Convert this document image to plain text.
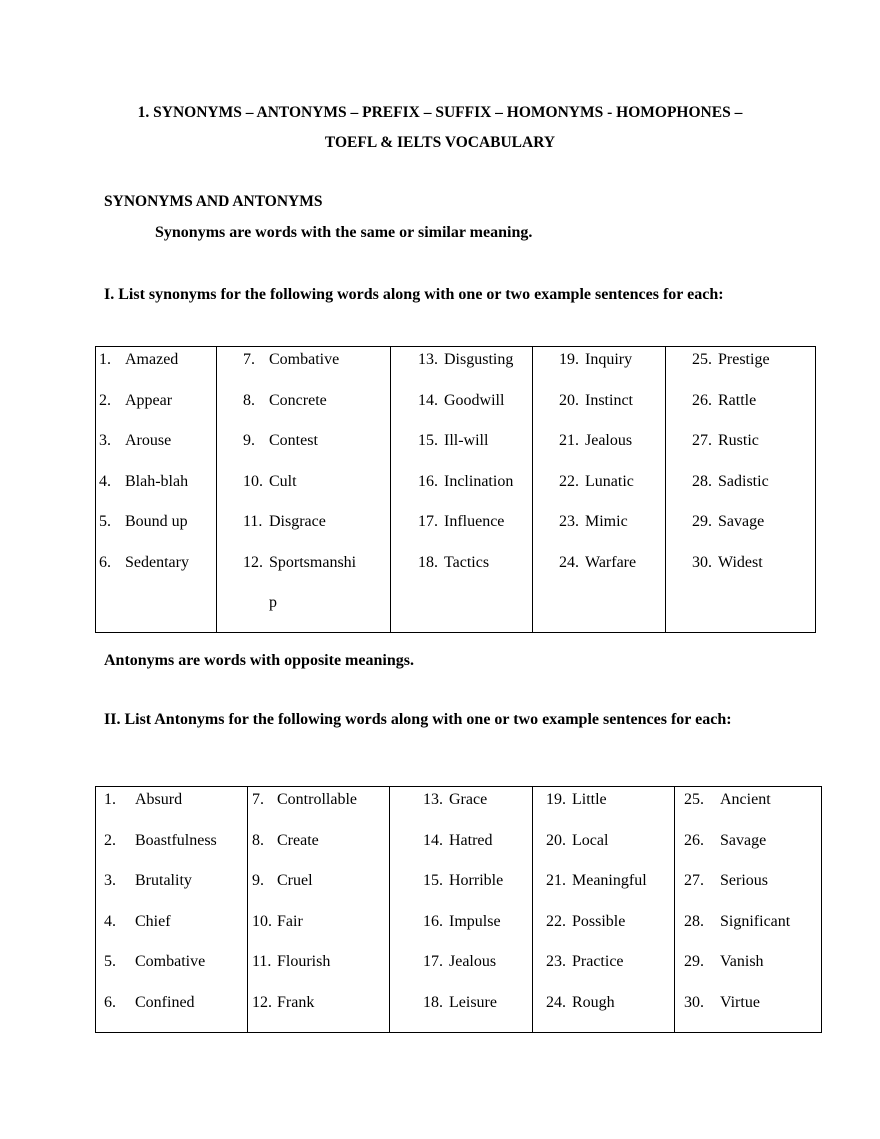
1. SYNONYMS – ANTONYMS – PREFIX – SUFFIX – HOMONYMS - HOMOPHONES –
TOEFL & IELTS VOCABULARY
SYNONYMS AND ANTONYMS
Synonyms are words with the same or similar meaning.
I. List synonyms for the following words along with one or two example sentences for each:
1. Amazed
2. Appear
3. Arouse
4. Blah-blah
5. Bound up
6. Sedentary
7. Combative
8. Concrete
9. Contest
10. Cult
11. Disgrace
12. Sportsmanshi
p
13. Disgusting
14. Goodwill
15. Ill-will
16. Inclination
17. Influence
18. Tactics
19. Inquiry
20. Instinct
21. Jealous
22. Lunatic
23. Mimic
24. Warfare
25. Prestige
26. Rattle
27. Rustic
28. Sadistic
29. Savage
30. Widest
Antonyms are words with opposite meanings.
II. List Antonyms for the following words along with one or two example sentences for each:
1. Absurd
2. Boastfulness
3. Brutality
4. Chief
5. Combative
6. Confined
7. Controllable
8. Create
9. Cruel
10. Fair
11. Flourish
12. Frank
13. Grace
14. Hatred
15. Horrible
16. Impulse
17. Jealous
18. Leisure
19. Little
20. Local
21. Meaningful
22. Possible
23. Practice
24. Rough
25. Ancient
26. Savage
27. Serious
28. Significant
29. Vanish
30. Virtue
